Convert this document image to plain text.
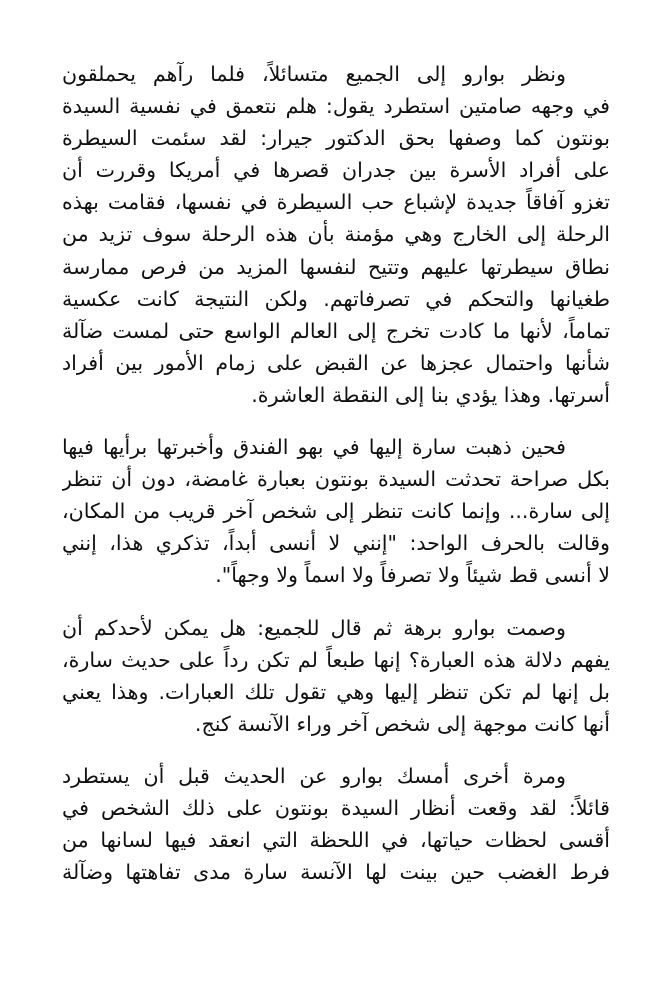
ونظر بوارو إلى الجميع متسائلاً، فلما رآهم يحملقون
في وجهه صامتين استطرد يقول: هلم نتعمق في نفسية السيدة
بونتون كما وصفها بحق الدكتور جيرار: لقد سئمت السيطرة
على أفراد الأسرة بين جدران قصرها في أمريكا وقررت أن
تغزو آفاقاً جديدة لإشباع حب السيطرة في نفسها، فقامت بهذه
الرحلة إلى الخارج وهي مؤمنة بأن هذه الرحلة سوف تزيد من
نطاق سيطرتها عليهم وتتيح لنفسها المزيد من فرص ممارسة
طغيانها والتحكم في تصرفاتهم. ولكن النتيجة كانت عكسية
تماماً، لأنها ما كادت تخرج إلى العالم الواسع حتى لمست ضآلة
شأنها واحتمال عجزها عن القبض على زمام الأمور بين أفراد
أسرتها. وهذا يؤدي بنا إلى النقطة العاشرة.
فحين ذهبت سارة إليها في بهو الفندق وأخبرتها برأيها فيها
بكل صراحة تحدثت السيدة بونتون بعبارة غامضة، دون أن تنظر
إلى سارة... وإنما كانت تنظر إلى شخص آخر قريب من المكان،
وقالت بالحرف الواحد: "إنني لا أنسى أبداً، تذكري هذا، إنني
لا أنسى قط شيئاً ولا تصرفاً ولا اسماً ولا وجهاً".
وصمت بوارو برهة ثم قال للجميع: هل يمكن لأحدكم أن
يفهم دلالة هذه العبارة؟ إنها طبعاً لم تكن رداً على حديث سارة،
بل إنها لم تكن تنظر إليها وهي تقول تلك العبارات. وهذا يعني
أنها كانت موجهة إلى شخص آخر وراء الآنسة كنج.
ومرة أخرى أمسك بوارو عن الحديث قبل أن يستطرد
قائلاً: لقد وقعت أنظار السيدة بونتون على ذلك الشخص في
أقسى لحظات حياتها، في اللحظة التي انعقد فيها لسانها من
فرط الغضب حين بينت لها الآنسة سارة مدى تفاهتها وضآلة
